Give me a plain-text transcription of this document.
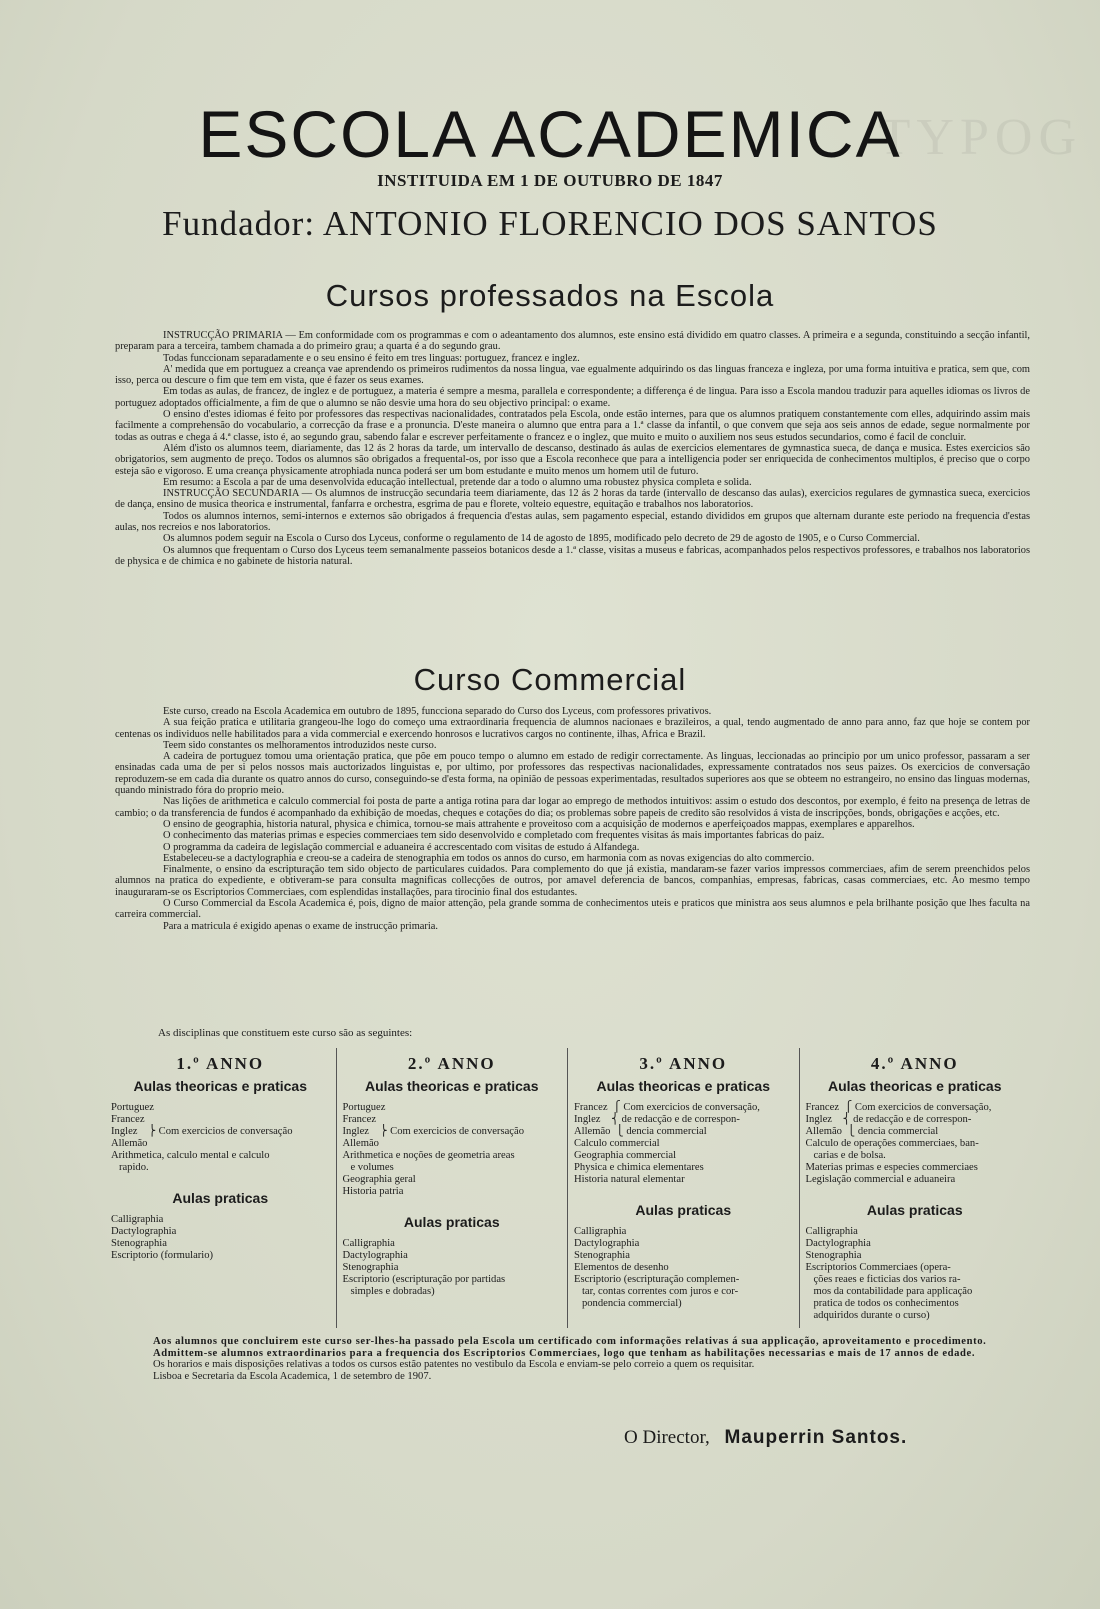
TYPOG
ESCOLA ACADEMICA
INSTITUIDA EM 1 DE OUTUBRO DE 1847
Fundador: ANTONIO FLORENCIO DOS SANTOS
Cursos professados na Escola

INSTRUCÇÃO PRIMARIA — Em conformidade com os programmas e com o adeantamento dos alumnos, este ensino está dividido em quatro classes. A primeira e a segunda, constituindo a secção infantil, preparam para a terceira, tambem chamada a do primeiro grau; a quarta é a do segundo grau.

Todas funccionam separadamente e o seu ensino é feito em tres linguas: portuguez, francez e inglez.

A' medida que em portuguez a creança vae aprendendo os primeiros rudimentos da nossa lingua, vae egualmente adquirindo os das linguas franceza e ingleza, por uma forma intuitiva e pratica, sem que, com isso, perca ou descure o fim que tem em vista, que é fazer os seus exames.

Em todas as aulas, de francez, de inglez e de portuguez, a materia é sempre a mesma, parallela e correspondente; a differença é de lingua. Para isso a Escola mandou traduzir para aquelles idiomas os livros de portuguez adoptados officialmente, a fim de que o alumno se não desvie uma hora do seu objectivo principal: o exame.

O ensino d'estes idiomas é feito por professores das respectivas nacionalidades, contratados pela Escola, onde estão internes, para que os alumnos pratiquem constantemente com elles, adquirindo assim mais facilmente a comprehensão do vocabulario, a correcção da frase e a pronuncia. D'este maneira o alumno que entra para a 1.ª classe da infantil, o que convem que seja aos seis annos de edade, segue normalmente por todas as outras e chega á 4.ª classe, isto é, ao segundo grau, sabendo falar e escrever perfeitamente o francez e o inglez, que muito e muito o auxiliem nos seus estudos secundarios, como é facil de concluir.

Além d'isto os alumnos teem, diariamente, das 12 ás 2 horas da tarde, um intervallo de descanso, destinado ás aulas de exercicios elementares de gymnastica sueca, de dança e musica. Estes exercicios são obrigatorios, sem augmento de preço. Todos os alumnos são obrigados a frequental-os, por isso que a Escola reconhece que para a intelligencia poder ser enriquecida de conhecimentos multiplos, é preciso que o corpo esteja são e vigoroso. E uma creança physicamente atrophiada nunca poderá ser um bom estudante e muito menos um homem util de futuro.

Em resumo: a Escola a par de uma desenvolvida educação intellectual, pretende dar a todo o alumno uma robustez physica completa e solida.

INSTRUCÇÃO SECUNDARIA — Os alumnos de instrucção secundaria teem diariamente, das 12 ás 2 horas da tarde (intervallo de descanso das aulas), exercicios regulares de gymnastica sueca, exercicios de dança, ensino de musica theorica e instrumental, fanfarra e orchestra, esgrima de pau e florete, volteio equestre, equitação e trabalhos nos laboratorios.

Todos os alumnos internos, semi-internos e externos são obrigados á frequencia d'estas aulas, sem pagamento especial, estando divididos em grupos que alternam durante este periodo na frequencia d'estas aulas, nos recreios e nos laboratorios.

Os alumnos podem seguir na Escola o Curso dos Lyceus, conforme o regulamento de 14 de agosto de 1895, modificado pelo decreto de 29 de agosto de 1905, e o Curso Commercial.

Os alumnos que frequentam o Curso dos Lyceus teem semanalmente passeios botanicos desde a 1.ª classe, visitas a museus e fabricas, acompanhados pelos respectivos professores, e trabalhos nos laboratorios de physica e de chimica e no gabinete de historia natural.

Curso Commercial

Este curso, creado na Escola Academica em outubro de 1895, funcciona separado do Curso dos Lyceus, com professores privativos.

A sua feição pratica e utilitaria grangeou-lhe logo do começo uma extraordinaria frequencia de alumnos nacionaes e brazileiros, a qual, tendo augmentado de anno para anno, faz que hoje se contem por centenas os individuos nelle habilitados para a vida commercial e exercendo honrosos e lucrativos cargos no continente, ilhas, Africa e Brazil.

Teem sido constantes os melhoramentos introduzidos neste curso.

A cadeira de portuguez tomou uma orientação pratica, que põe em pouco tempo o alumno em estado de redigir correctamente. As linguas, leccionadas ao principio por um unico professor, passaram a ser ensinadas cada uma de per si pelos nossos mais auctorizados linguistas e, por ultimo, por professores das respectivas nacionalidades, expressamente contratados nos seus paizes. Os exercicios de conversação reproduzem-se em cada dia durante os quatro annos do curso, conseguindo-se d'esta forma, na opinião de pessoas experimentadas, resultados superiores aos que se obteem no estrangeiro, no ensino das linguas modernas, quando ministrado fóra do proprio meio.

Nas lições de arithmetica e calculo commercial foi posta de parte a antiga rotina para dar logar ao emprego de methodos intuitivos: assim o estudo dos descontos, por exemplo, é feito na presença de letras de cambio; o da transferencia de fundos é acompanhado da exhibição de moedas, cheques e cotações do dia; os problemas sobre papeis de credito são resolvidos á vista de inscripções, bonds, obrigações e acções, etc.

O ensino de geographia, historia natural, physica e chimica, tornou-se mais attrahente e proveitoso com a acquisição de modernos e aperfeiçoados mappas, exemplares e apparelhos.

O conhecimento das materias primas e especies commerciaes tem sido desenvolvido e completado com frequentes visitas ás mais importantes fabricas do paiz.

O programma da cadeira de legislação commercial e aduaneira é accrescentado com visitas de estudo á Alfandega.

Estabeleceu-se a dactylographia e creou-se a cadeira de stenographia em todos os annos do curso, em harmonia com as novas exigencias do alto commercio.

Finalmente, o ensino da escripturação tem sido objecto de particulares cuidados. Para complemento do que já existia, mandaram-se fazer varios impressos commerciaes, afim de serem preenchidos pelos alumnos na pratica do expediente, e obtiveram-se para consulta magnificas collecções de outros, por amavel deferencia de bancos, companhias, empresas, fabricas, casas commerciaes, etc. Ao mesmo tempo inauguraram-se os Escriptorios Commerciaes, com esplendidas installações, para tirocinio final dos estudantes.

O Curso Commercial da Escola Academica é, pois, digno de maior attenção, pela grande somma de conhecimentos uteis e praticos que ministra aos seus alumnos e pela brilhante posição que lhes faculta na carreira commercial.

Para a matricula é exigido apenas o exame de instrucção primaria.

As disciplinas que constituem este curso são as seguintes:
1.º ANNO
Aulas theoricas e praticas
Portuguez
Francez
Inglez    ⎬ Com exercicios de conversação
Allemão
Arithmetica, calculo mental e calculo
rapido.
Aulas praticas
Calligraphia
Dactylographia
Stenographia
Escriptorio (formulario)
2.º ANNO
Aulas theoricas e praticas
Portuguez
Francez
Inglez    ⎬ Com exercicios de conversação
Allemão
Arithmetica e noções de geometria areas
e volumes
Geographia geral
Historia patria
Aulas praticas
Calligraphia
Dactylographia
Stenographia
Escriptorio (escripturação por partidas
simples e dobradas)
3.º ANNO
Aulas theoricas e praticas
Francez  ⎧ Com exercicios de conversação,
Inglez    ⎨ de redacção e de correspon-
Allemão  ⎩ dencia commercial
Calculo commercial
Geographia commercial
Physica e chimica elementares
Historia natural elementar
Aulas praticas
Calligraphia
Dactylographia
Stenographia
Elementos de desenho
Escriptorio (escripturação complemen-
tar, contas correntes com juros e cor-
pondencia commercial)
4.º ANNO
Aulas theoricas e praticas
Francez  ⎧ Com exercicios de conversação,
Inglez    ⎨ de redacção e de correspon-
Allemão  ⎩ dencia commercial
Calculo de operações commerciaes, ban-
carias e de bolsa.
Materias primas e especies commerciaes
Legislação commercial e aduaneira
Aulas praticas
Calligraphia
Dactylographia
Stenographia
Escriptorios Commerciaes (opera-
ções reaes e ficticias dos varios ra-
mos da contabilidade para applicação
pratica de todos os conhecimentos
adquiridos durante o curso)

Aos alumnos que concluirem este curso ser-lhes-ha passado pela Escola um certificado com informações relativas á sua applicação, aproveitamento e procedimento.

Admittem-se alumnos extraordinarios para a frequencia dos Escriptorios Commerciaes, logo que tenham as habilitações necessarias e mais de 17 annos de edade.

Os horarios e mais disposições relativas a todos os cursos estão patentes no vestibulo da Escola e enviam-se pelo correio a quem os requisitar.

Lisboa e Secretaria da Escola Academica, 1 de setembro de 1907.

O Director, Mauperrin Santos.
